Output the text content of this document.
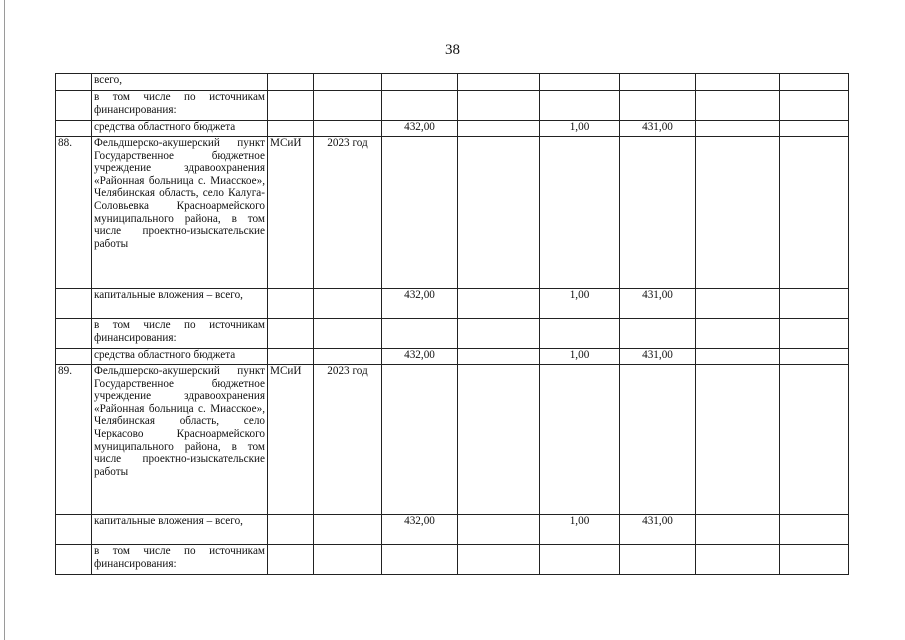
38
	всего,								
	в том числе по источникам финансирования:								
	средства областного бюджета			432,00		1,00	431,00		
88.	Фельдшерско-акушерский пункт Государственное бюджетное учреждение здравоохранения «Районная больница с. Миасское», Челябинская область, село Калуга-Соловьевка Красноармейского муниципального района, в том числе проектно-изыскательские работы	МСиИ	2023 год						
	капитальные вложения – всего,			432,00		1,00	431,00		
	в том числе по источникам финансирования:								
	средства областного бюджета			432,00		1,00	431,00		
89.	Фельдшерско-акушерский пункт Государственное бюджетное учреждение здравоохранения «Районная больница с. Миасское», Челябинская область, село Черкасово Красноармейского муниципального района, в том числе проектно-изыскательские работы	МСиИ	2023 год						
	капитальные вложения – всего,			432,00		1,00	431,00		
	в том числе по источникам финансирования:								
